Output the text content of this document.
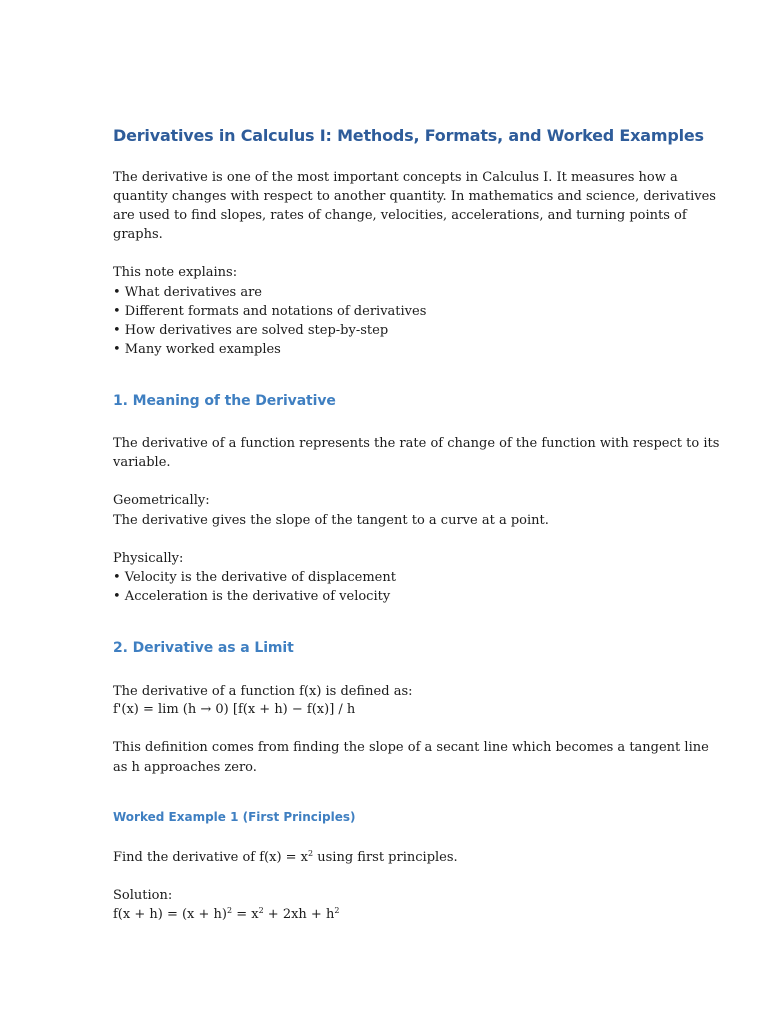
Derivatives in Calculus I: Methods, Formats, and Worked Examples

The derivative is one of the most important concepts in Calculus I. It measures how a

quantity changes with respect to another quantity. In mathematics and science, derivatives

are used to find slopes, rates of change, velocities, accelerations, and turning points of

graphs.

This note explains:

• What derivatives are

• Different formats and notations of derivatives

• How derivatives are solved step-by-step

• Many worked examples

1. Meaning of the Derivative

The derivative of a function represents the rate of change of the function with respect to its

variable.

Geometrically:

The derivative gives the slope of the tangent to a curve at a point.

Physically:

• Velocity is the derivative of displacement

• Acceleration is the derivative of velocity

2. Derivative as a Limit

The derivative of a function f(x) is defined as:

f'(x) = lim (h → 0) [f(x + h) − f(x)] / h

This definition comes from finding the slope of a secant line which becomes a tangent line

as h approaches zero.

Worked Example 1 (First Principles)

Find the derivative of $f(x) = x^2$ using first principles.

Solution:

$f(x + h) = (x + h)^2 = x^2 + 2xh + h^2$
